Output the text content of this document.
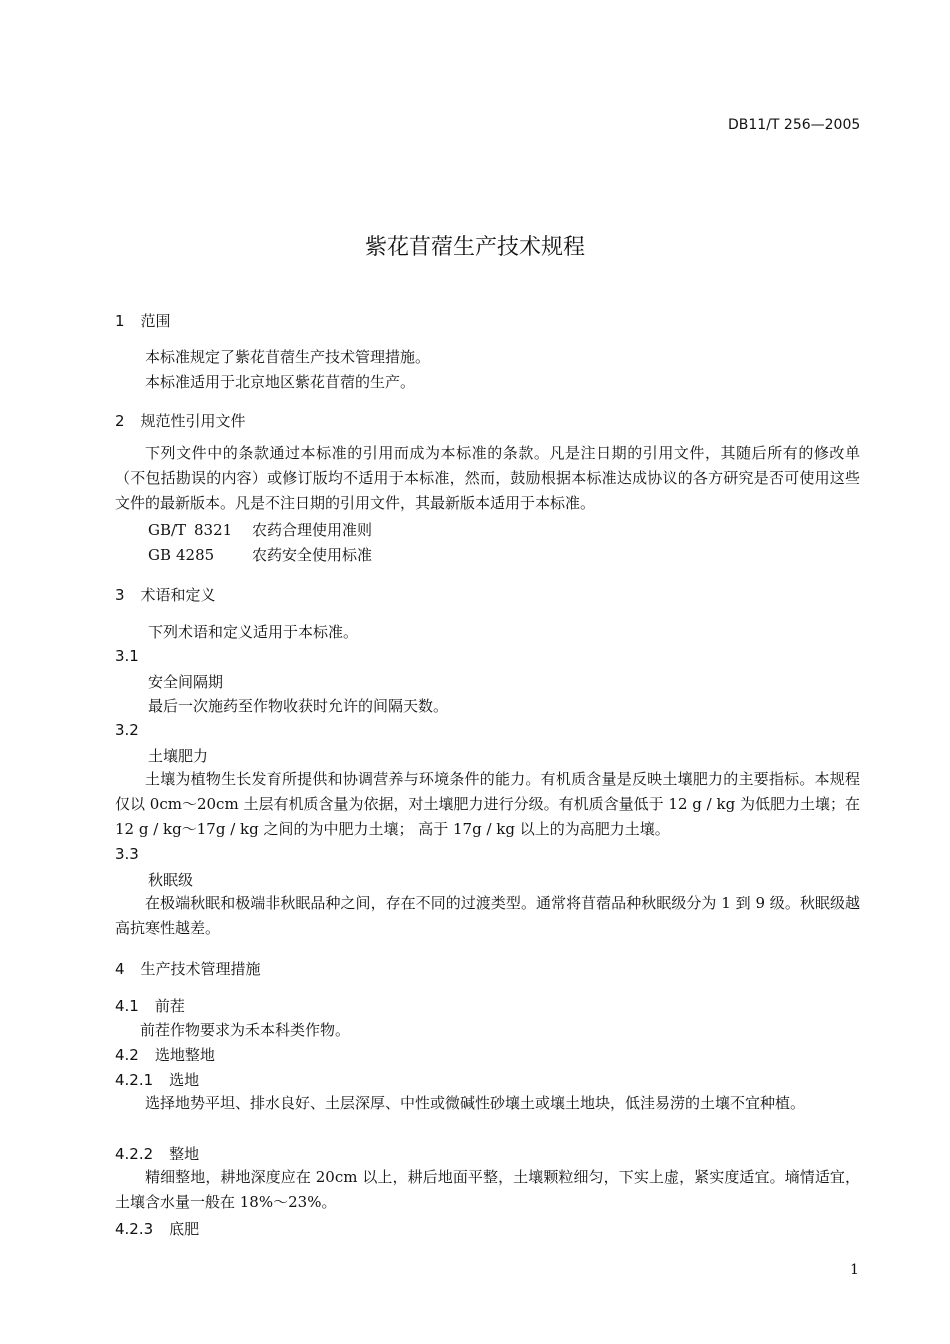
DB11/T 256—2005
紫花苜蓿生产技术规程
1 范围
本标准规定了紫花苜蓿生产技术管理措施。
本标准适用于北京地区紫花苜蓿的生产。
2 规范性引用文件

下列文件中的条款通过本标准的引用而成为本标准的条款。凡是注日期的引用文件，其随后所有的修改单（不包括勘误的内容）或修订版均不适用于本标准，然而，鼓励根据本标准达成协议的各方研究是否可使用这些文件的最新版本。凡是不注日期的引用文件，其最新版本适用于本标准。

GB/T 8321 农药合理使用准则
GB 4285	农药安全使用标准
3 术语和定义
下列术语和定义适用于本标准。
3.1
安全间隔期
最后一次施药至作物收获时允许的间隔天数。
3.2
土壤肥力

土壤为植物生长发育所提供和协调营养与环境条件的能力。有机质含量是反映土壤肥力的主要指标。本规程仅以 0cm～20cm 土层有机质含量为依据，对土壤肥力进行分级。有机质含量低于 12 g / kg 为低肥力土壤；在 12 g / kg～17g / kg 之间的为中肥力土壤； 高于 17g / kg 以上的为高肥力土壤。

3.3
秋眠级

在极端秋眠和极端非秋眠品种之间，存在不同的过渡类型。通常将苜蓿品种秋眠级分为 1 到 9 级。秋眠级越高抗寒性越差。

4 生产技术管理措施
4.1 前茬
前茬作物要求为禾本科类作物。
4.2 选地整地
4.2.1 选地

选择地势平坦、排水良好、土层深厚、中性或微碱性砂壤土或壤土地块，低洼易涝的土壤不宜种植。

4.2.2 整地

精细整地，耕地深度应在 20cm 以上，耕后地面平整，土壤颗粒细匀，下实上虚，紧实度适宜。墒情适宜，土壤含水量一般在 18%～23%。

4.2.3 底肥
1
